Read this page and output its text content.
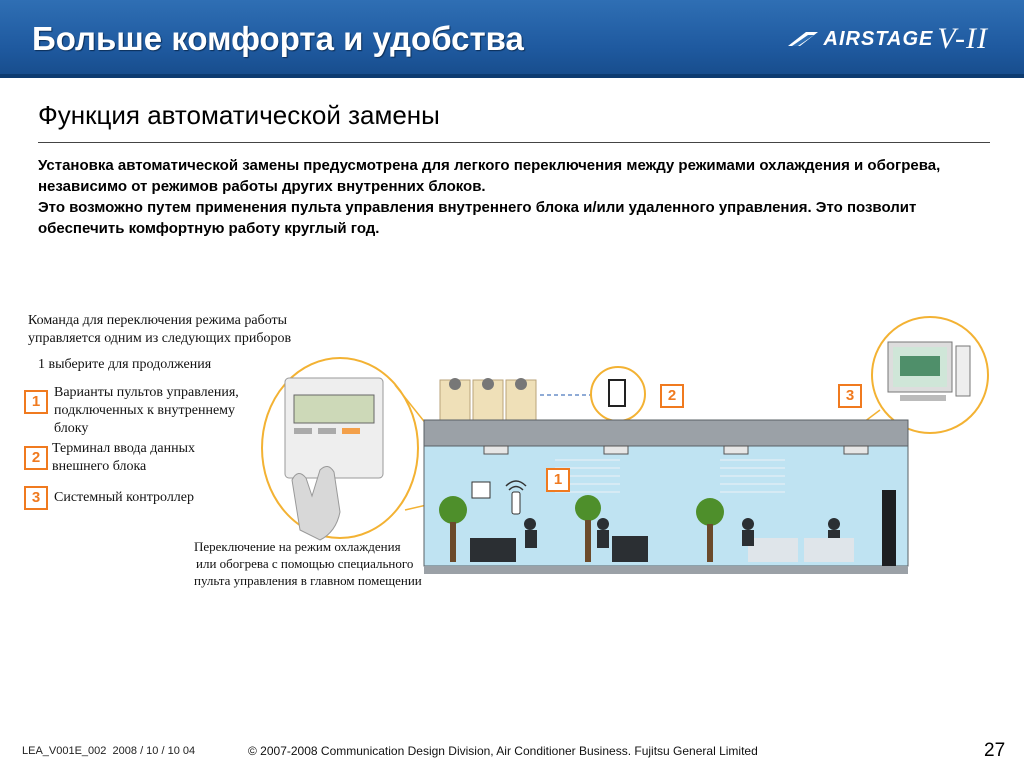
Больше комфорта и удобства	AIRSTAGE V-II
Функция автоматической замены

Установка автоматической замены предусмотрена для легкого переключения между режимами охлаждения и обогрева, независимо от режимов работы других внутренних блоков.

Это возможно путем применения пульта управления внутреннего блока и/или удаленного управления. Это позволит обеспечить комфортную работу круглый год.

Команда для переключения режима работы
управляется одним из следующих приборов
1 выберите для продолжения
1
Варианты пультов управления,
подключенных к внутреннему
блоку
2
Терминал ввода данных
внешнего блока
3 Системный контроллер
1
2	3
Переключение на режим охлаждения
или обогрева с помощью специального
пульта управления в главном помещении
LEA_V001E_002 2008 / 10 / 10 04	© 2007-2008 Communication Design Division, Air Conditioner Business. Fujitsu General Limited	27
